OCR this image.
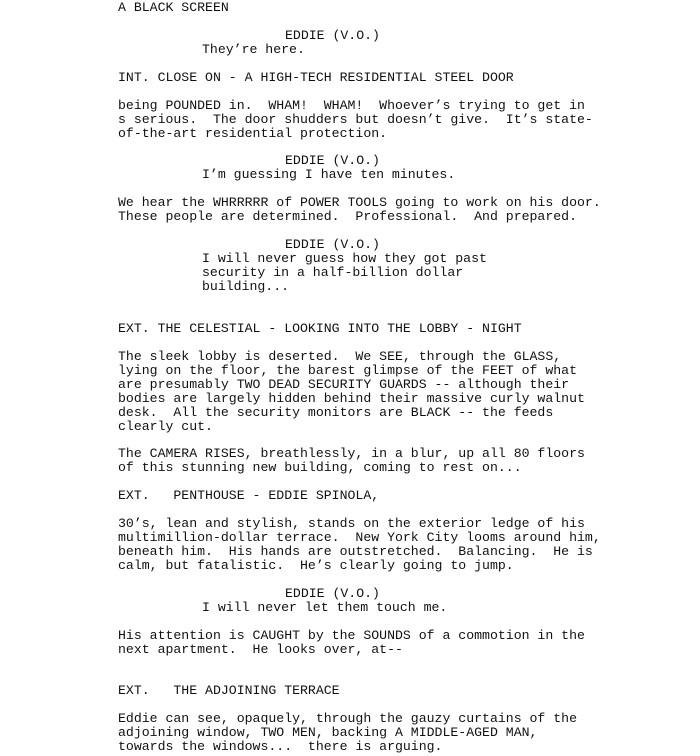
A BLACK SCREEN
EDDIE (V.O.)
They’re here.
INT. CLOSE ON - A HIGH-TECH RESIDENTIAL STEEL DOOR
being POUNDED in.  WHAM!  WHAM!  Whoever’s trying to get in
s serious.  The door shudders but doesn’t give.  It’s state-
of-the-art residential protection.
EDDIE (V.O.)
I’m guessing I have ten minutes.
We hear the WHRRRRR of POWER TOOLS going to work on his door.
These people are determined.  Professional.  And prepared.
EDDIE (V.O.)
I will never guess how they got past
security in a half-billion dollar
building...
EXT. THE CELESTIAL - LOOKING INTO THE LOBBY - NIGHT
The sleek lobby is deserted.  We SEE, through the GLASS,
lying on the floor, the barest glimpse of the FEET of what
are presumably TWO DEAD SECURITY GUARDS -- although their
bodies are largely hidden behind their massive curly walnut
desk.  All the security monitors are BLACK -- the feeds
clearly cut.
The CAMERA RISES, breathlessly, in a blur, up all 80 floors
of this stunning new building, coming to rest on...
EXT.   PENTHOUSE - EDDIE SPINOLA,
30’s, lean and stylish, stands on the exterior ledge of his
multimillion-dollar terrace.  New York City looms around him,
beneath him.  His hands are outstretched.  Balancing.  He is
calm, but fatalistic.  He’s clearly going to jump.
EDDIE (V.O.)
I will never let them touch me.
His attention is CAUGHT by the SOUNDS of a commotion in the
next apartment.  He looks over, at--
EXT.   THE ADJOINING TERRACE
Eddie can see, opaquely, through the gauzy curtains of the
adjoining window, TWO MEN, backing A MIDDLE-AGED MAN,
towards the windows...  there is arguing.
